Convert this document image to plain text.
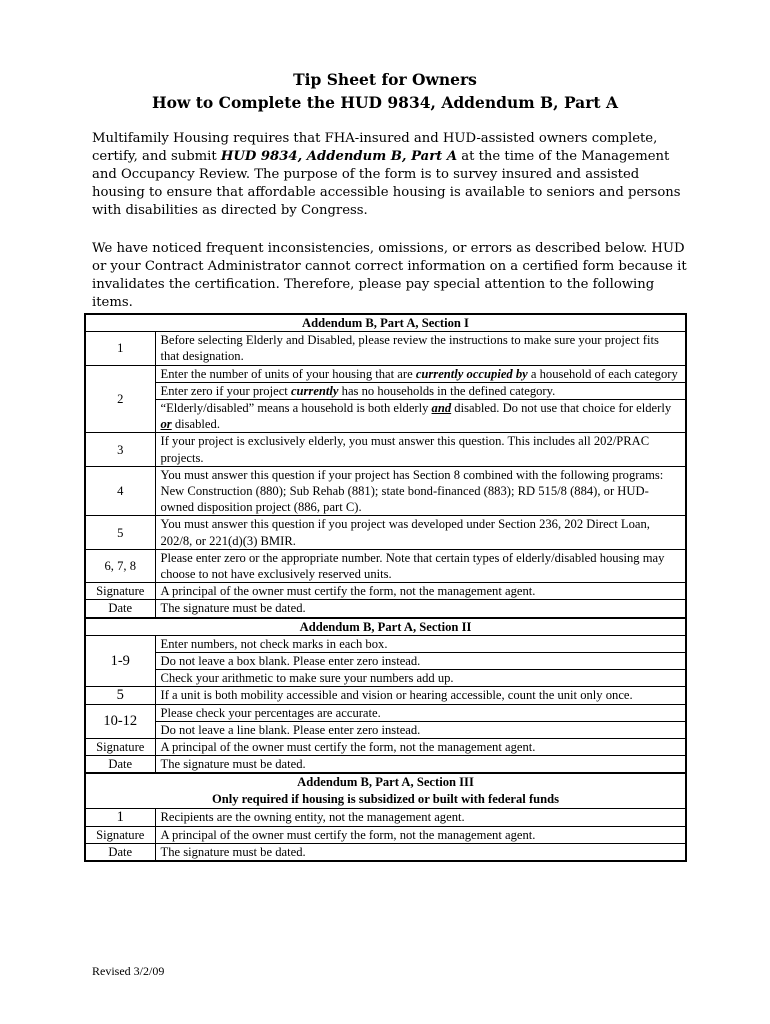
Tip Sheet for Owners
How to Complete the HUD 9834, Addendum B, Part A
Multifamily Housing requires that FHA-insured and HUD-assisted owners complete, certify, and submit HUD 9834, Addendum B, Part A at the time of the Management and Occupancy Review. The purpose of the form is to survey insured and assisted housing to ensure that affordable accessible housing is available to seniors and persons with disabilities as directed by Congress.
We have noticed frequent inconsistencies, omissions, or errors as described below. HUD or your Contract Administrator cannot correct information on a certified form because it invalidates the certification. Therefore, please pay special attention to the following items.
Addendum B, Part A, Section I	
1	Before selecting Elderly and Disabled, please review the instructions to make sure your project fits that designation.
2	Enter the number of units of your housing that are currently occupied by a household of each category
	Enter zero if your project currently has no households in the defined category.
	“Elderly/disabled” means a household is both elderly and disabled. Do not use that choice for elderly or disabled.
3	If your project is exclusively elderly, you must answer this question. This includes all 202/PRAC projects.
4	You must answer this question if your project has Section 8 combined with the following programs: New Construction (880); Sub Rehab (881); state bond-financed (883); RD 515/8 (884), or HUD-owned disposition project (886, part C).
5	You must answer this question if you project was developed under Section 236, 202 Direct Loan, 202/8, or 221(d)(3) BMIR.
6, 7, 8	Please enter zero or the appropriate number. Note that certain types of elderly/disabled housing may choose to not have exclusively reserved units.
Signature	A principal of the owner must certify the form, not the management agent.
Date	The signature must be dated.
Addendum B, Part A, Section II	
1-9	Enter numbers, not check marks in each box.
	Do not leave a box blank. Please enter zero instead.
	Check your arithmetic to make sure your numbers add up.
5	If a unit is both mobility accessible and vision or hearing accessible, count the unit only once.
10-12	Please check your percentages are accurate.
	Do not leave a line blank. Please enter zero instead.
Signature	A principal of the owner must certify the form, not the management agent.
Date	The signature must be dated.

Addendum B, Part A, Section III
Only required if housing is subsidized or built with federal funds	

1	Recipients are the owning entity, not the management agent.
Signature	A principal of the owner must certify the form, not the management agent.
Date	The signature must be dated.
Revised 3/2/09
